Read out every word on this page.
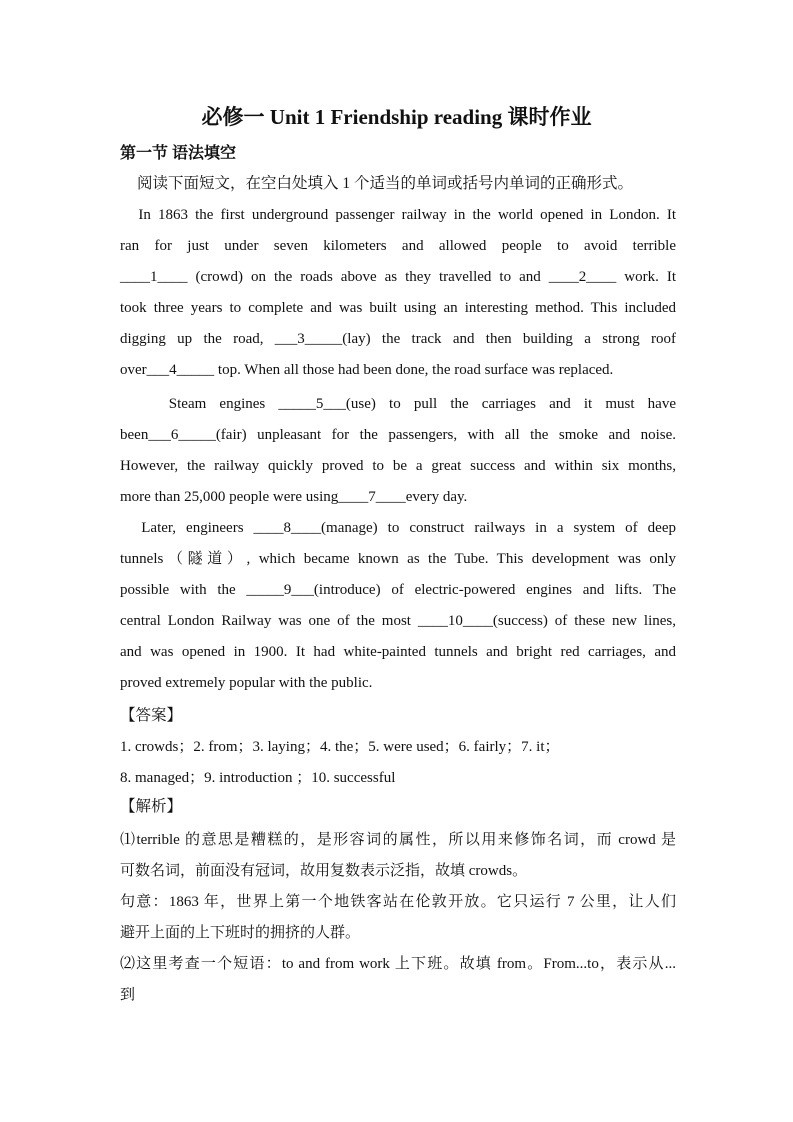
必修一 Unit 1 Friendship reading 课时作业
第一节 语法填空
阅读下面短文，在空白处填入 1 个适当的单词或括号内单词的正确形式。
　In 1863 the first underground passenger railway in the world opened in London. It
ran for just under seven kilometers and allowed people to avoid terrible
____1____ (crowd) on the roads above as they travelled to and ____2____ work. It
took three years to complete and was built using an interesting method. This included
digging up the road, ___3_____(lay) the track and then building a strong roof
over___4_____ top. When all those had been done, the road surface was replaced.
　　Steam engines _____5___(use) to pull the carriages and it must have
been___6_____(fair) unpleasant for the passengers, with all the smoke and noise.
However, the railway quickly proved to be a great success and within six months,
more than 25,000 people were using____7____every day.
　Later, engineers ____8____(manage) to construct railways in a system of deep
tunnels（隧道）, which became known as the Tube. This development was only
possible with the _____9___(introduce) of electric-powered engines and lifts. The
central London Railway was one of the most ____10____(success) of these new lines,
and was opened in 1900. It had white-painted tunnels and bright red carriages, and
proved extremely popular with the public.
【答案】
1. crowds；2. from；3. laying；4. the；5. were used；6. fairly；7. it；
8. managed；9. introduction ；10. successful
【解析】
⑴terrible 的意思是糟糕的，是形容词的属性，所以用来修饰名词，而 crowd 是
可数名词，前面没有冠词，故用复数表示泛指，故填 crowds。
句意：1863 年，世界上第一个地铁客站在伦敦开放。它只运行 7 公里，让人们
避开上面的上下班时的拥挤的人群。
⑵这里考查一个短语：to and from work 上下班。故填 from。From...to，表示从...
到
